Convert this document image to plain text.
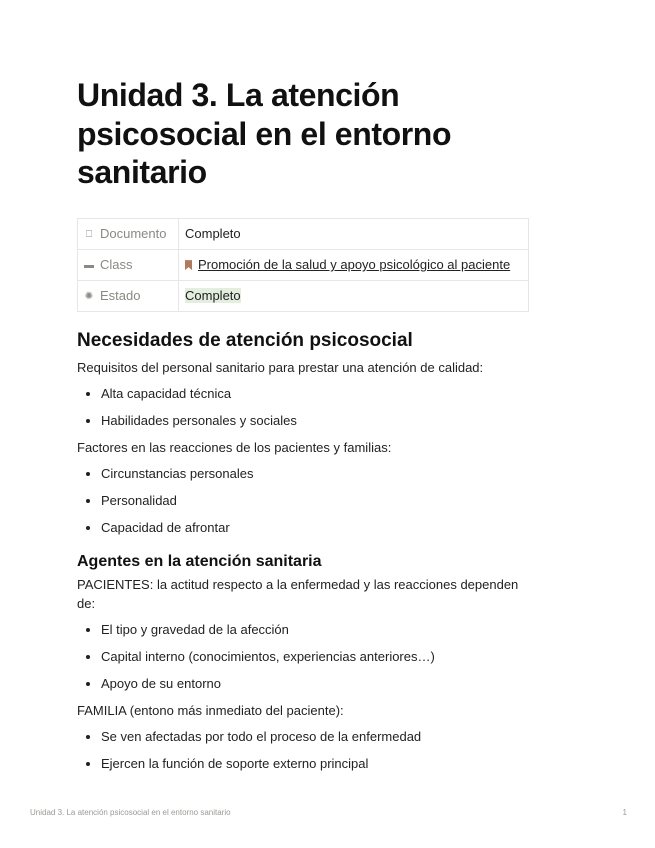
Unidad 3. La atención psicosocial en el entorno sanitario
⎕ Documento	Completo
▬ Class	Promoción de la salud y apoyo psicológico al paciente
✺ Estado	Completo
Necesidades de atención psicosocial

Requisitos del personal sanitario para prestar una atención de calidad:

• Alta capacidad técnica
• Habilidades personales y sociales

Factores en las reacciones de los pacientes y familias:

• Circunstancias personales
• Personalidad
• Capacidad de afrontar
Agentes en la atención sanitaria

PACIENTES: la actitud respecto a la enfermedad y las reacciones dependen de:

• El tipo y gravedad de la afección
• Capital interno (conocimientos, experiencias anteriores…)
• Apoyo de su entorno

FAMILIA (entono más inmediato del paciente):

• Se ven afectadas por todo el proceso de la enfermedad
• Ejercen la función de soporte externo principal
Unidad 3. La atención psicosocial en el entorno sanitario	1
